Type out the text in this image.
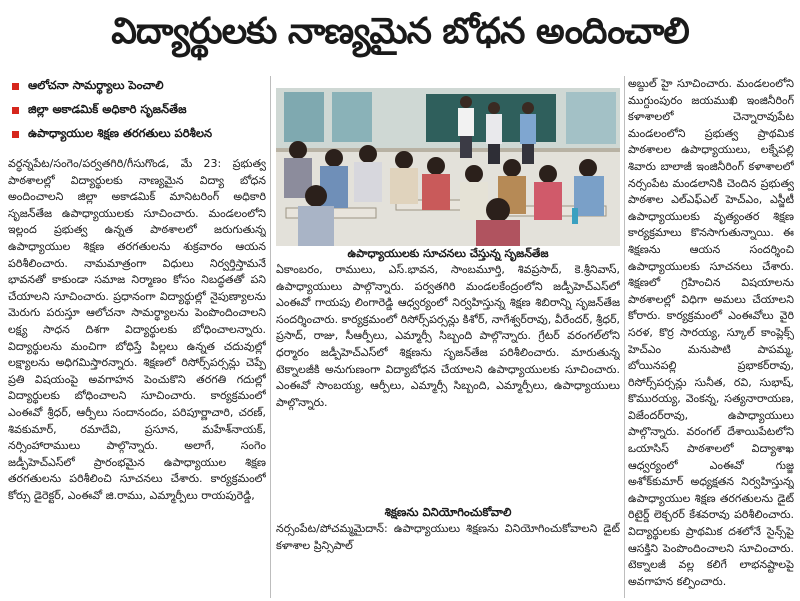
విద్యార్థులకు నాణ్యమైన బోధన అందించాలి
ఆలోచనా సామర్థ్యాలు పెంచాలి
జిల్లా అకాడమిక్ అధికారి సృజన్‌తేజ
ఉపాధ్యాయుల శిక్షణ తరగతులు పరిశీలన

వర్ధన్నపేట/సంగెం/పర్వతగిరి/గీసుగొండ, మే 23: ప్రభుత్వ పాఠశాలల్లో విద్యార్థులకు నాణ్యమైన విద్యా బోధన అందించాలని జిల్లా అకాడమిక్ మానిటరింగ్ అధికారి సృజన్‌తేజ ఉపాధ్యాయులకు సూచించారు. మండలంలోని ఇల్లంద ప్రభుత్వ ఉన్నత పాఠశాలలో జరుగుతున్న ఉపాధ్యాయుల శిక్షణ తరగతులను శుక్రవారం ఆయన పరిశీలించారు. నామమాత్రంగా విధులు నిర్వర్తిస్తామనే భావనతో కాకుండా సమాజ నిర్మాణం కోసం నిబద్ధతతో పని చేయాలని సూచించారు. ప్రధానంగా విద్యార్థుల్లో నైపుణ్యాలను మెరుగు పరుస్తూ ఆలోచనా సామర్థ్యాలను పెంపొందించాలని లక్ష్య సాధన దిశగా విద్యార్థులకు బోధించాలన్నారు. విద్యార్థులను మంచిగా బోధిస్తే పిల్లలు ఉన్నత చదువుల్లో లక్ష్యాలను అధిగమిస్తారన్నారు. శిక్షణలో రిసోర్స్‌పర్సన్లు చెప్పే ప్రతి విషయంపై అవగాహన పెంచుకొని తరగతి గదుల్లో విద్యార్థులకు బోధించాలని సూచించారు. కార్యక్రమంలో ఎంఈవో శ్రీధర్, ఆర్పీలు సందానందం, పరిపూర్ణాచారి, చరణ్, శివకుమార్, రమాదేవి, ప్రసూన, మహేశ్‌నాయక్, నర్సింహారాములు పాల్గొన్నారు. అలాగే, సంగెం జడ్పీహెచ్‌ఎస్‌లో ప్రారంభమైన ఉపాధ్యాయుల శిక్షణ తరగతులను పరిశీలించి సూచనలు చేశారు. కార్యక్రమంలో కోర్సు డైరెక్టర్, ఎంఈవో జి.రాము, ఎమ్మార్పీలు రాయపురెడ్డి,

ఉపాధ్యాయులకు సూచనలు చేస్తున్న సృజన్‌తేజ

ఏకాంబరం, రాములు, ఎస్.భావన, సాంబమూర్తి, శివప్రసాద్, కె.శ్రీనివాస్, ఉపాధ్యాయులు పాల్గొన్నారు. పర్వతగిరి మండలకేంద్రంలోని జడ్పీహెచ్‌ఎస్‌లో ఎంఈవో గాయపు లింగారెడ్డి ఆధ్వర్యంలో నిర్వహిస్తున్న శిక్షణ శిబిరాన్ని సృజన్‌తేజ సందర్శించారు. కార్యక్రమంలో రిసోర్స్‌పర్సన్లు కిశోర్, నాగేశ్వర్‌రావు, వీరేందర్, శ్రీధర్, ప్రసాద్, రాజు, సీఆర్పీలు, ఎమ్మార్సీ సిబ్బంది పాల్గొన్నారు. గ్రేటర్ వరంగల్‌లోని ధర్మారం జడ్పీహెచ్‌ఎస్‌లో శిక్షణను సృజన్‌తేజ పరిశీలించారు. మారుతున్న టెక్నాలజీకి అనుగుణంగా విద్యాబోధన చేయాలని ఉపాధ్యాయులకు సూచించారు. ఎంఈవో సాంబయ్య, ఆర్పీలు, ఎమ్మార్సీ సిబ్బంది, ఎమ్మార్పీలు, ఉపాధ్యాయులు పాల్గొన్నారు.

శిక్షణను వినియోగించుకోవాలి

నర్సంపేట/పోచమ్మమైదాన్: ఉపాధ్యాయులు శిక్షణను వినియోగించుకోవాలని డైట్ కళాశాల ప్రిన్సిపాల్

అబ్దుల్ హై సూచించారు. మండలంలోని ముగ్దుంపురం జయముఖి ఇంజినీరింగ్ కళాశాలలో చెన్నారావుపేట మండలంలోని ప్రభుత్వ ప్రాథమిక పాఠశాలల ఉపాధ్యాయులు, లక్నేపల్లి శివారు బాలాజీ ఇంజినీరింగ్ కళాశాలలో నర్సంపేట మండలానికి చెందిన ప్రభుత్వ పాఠశాల ఎల్‌ఎఫ్‌ఎల్ హెచ్‌ఎం, ఎస్జీటీ ఉపాధ్యాయులకు వృత్యంతర శిక్షణ కార్యక్రమాలు కొనసాగుతున్నాయి. ఈ శిక్షణను ఆయన సందర్శించి ఉపాధ్యాయులకు సూచనలు చేశారు. శిక్షణలో గ్రహించిన విషయాలను పాఠశాలల్లో విధిగా అమలు చేయాలని కోరారు. కార్యక్రమంలో ఎంఈవోలు వైరి సరళ, కొర్ర సారయ్య, స్కూల్ కాంప్లెక్స్ హెచ్‌ఎం మనుపాటి పాపమ్మ, బోయినపల్లి ప్రభాకర్‌రావు, రిసోర్స్‌పర్సన్లు సునీత, రవి, సుభాష్, కొమురయ్య, వెంకన్న, సత్యనారాయణ, విజేందర్‌రావు, ఉపాధ్యాయులు పాల్గొన్నారు. వరంగల్ దేశాయిపేటలోని ఒయాసిస్ పాఠశాలలో విద్యాశాఖ ఆధ్వర్యంలో ఎంఈవో గుజ్జ అశోక్‌కుమార్ అధ్యక్షతన నిర్వహిస్తున్న ఉపాధ్యాయుల శిక్షణ తరగతులను డైట్ రిటైర్డ్ లెక్చరర్ కేశవరావు పరిశీలించారు. విద్యార్థులకు ప్రాథమిక దశలోనే సైన్స్‌పై ఆసక్తిని పెంపొందించాలని సూచించారు. టెక్నాలజీ వల్ల కలిగే లాభనష్టాలపై అవగాహన కల్పించారు.
